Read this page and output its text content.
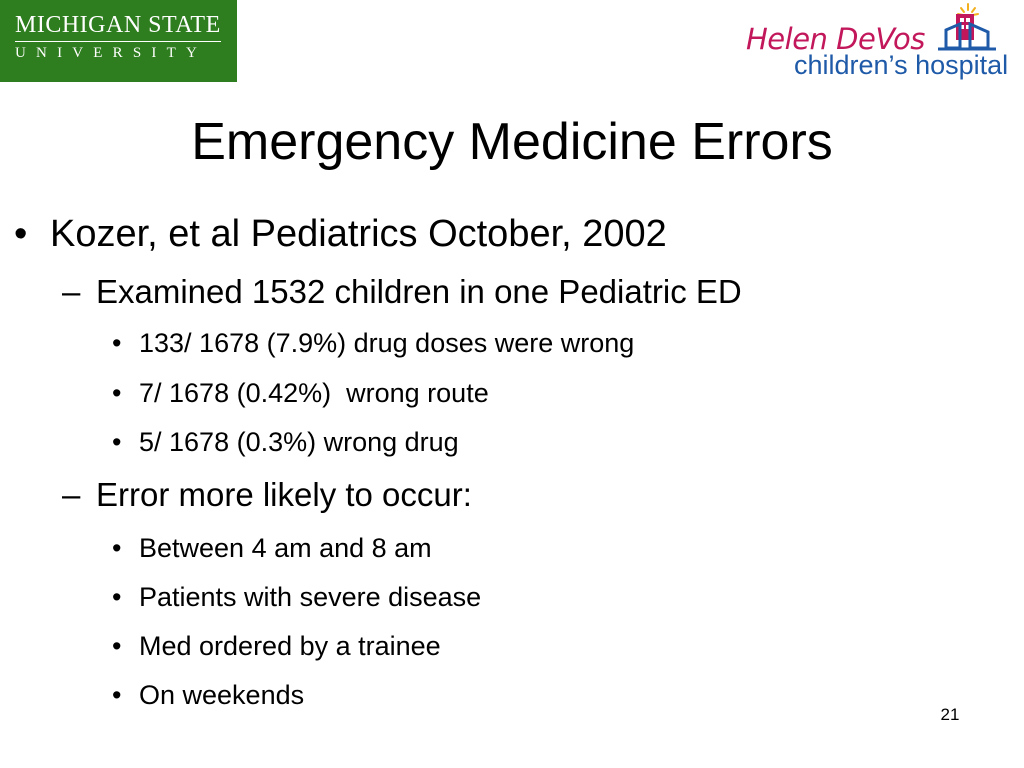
MICHIGAN STATE
UNIVERSITY	Helen DeVos
children’s hospital
Emergency Medicine Errors
• Kozer, et al Pediatrics October, 2002
– Examined 1532 children in one Pediatric ED
• 133/ 1678 (7.9%) drug doses were wrong
• 7/ 1678 (0.42%)  wrong route
• 5/ 1678 (0.3%) wrong drug
– Error more likely to occur:
• Between 4 am and 8 am
• Patients with severe disease
• Med ordered by a trainee
• On weekends
21
